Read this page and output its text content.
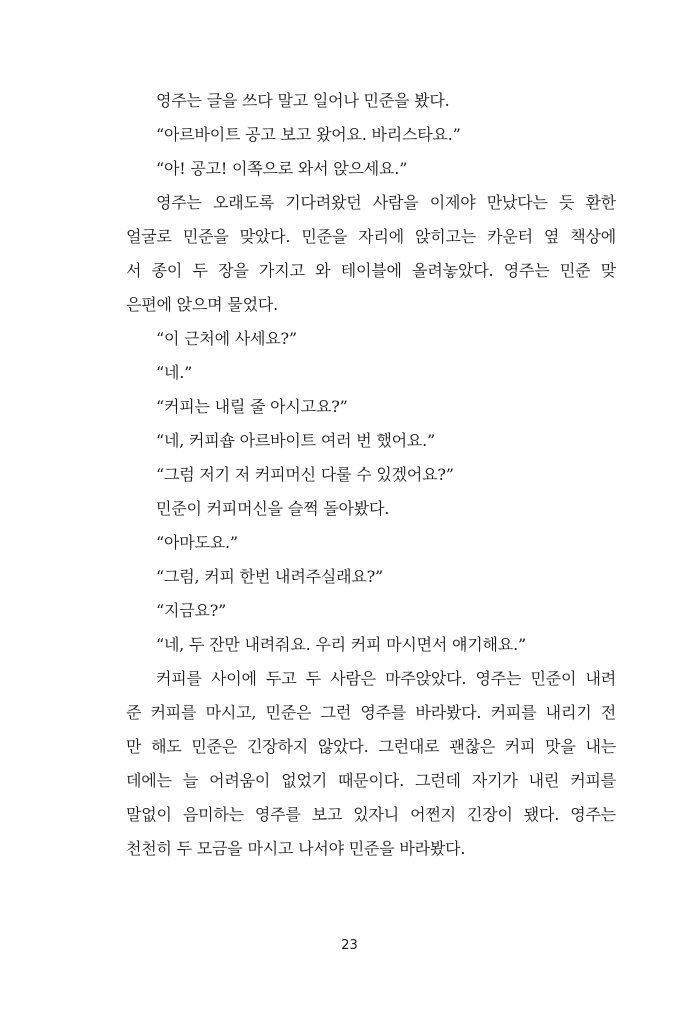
영주는 글을 쓰다 말고 일어나 민준을 봤다.
“아르바이트 공고 보고 왔어요. 바리스타요.”
“아! 공고! 이쪽으로 와서 앉으세요.”
영주는 오래도록 기다려왔던 사람을 이제야 만났다는 듯 환한
얼굴로 민준을 맞았다. 민준을 자리에 앉히고는 카운터 옆 책상에
서 종이 두 장을 가지고 와 테이블에 올려놓았다. 영주는 민준 맞
은편에 앉으며 물었다.
“이 근처에 사세요?”
“네.”
“커피는 내릴 줄 아시고요?”
“네, 커피숍 아르바이트 여러 번 했어요.”
“그럼 저기 저 커피머신 다룰 수 있겠어요?”
민준이 커피머신을 슬쩍 돌아봤다.
“아마도요.”
“그럼, 커피 한번 내려주실래요?”
“지금요?”
“네, 두 잔만 내려줘요. 우리 커피 마시면서 얘기해요.”
커피를 사이에 두고 두 사람은 마주앉았다. 영주는 민준이 내려
준 커피를 마시고, 민준은 그런 영주를 바라봤다. 커피를 내리기 전
만 해도 민준은 긴장하지 않았다. 그런대로 괜찮은 커피 맛을 내는
데에는 늘 어려움이 없었기 때문이다. 그런데 자기가 내린 커피를
말없이 음미하는 영주를 보고 있자니 어쩐지 긴장이 됐다. 영주는
천천히 두 모금을 마시고 나서야 민준을 바라봤다.
23
